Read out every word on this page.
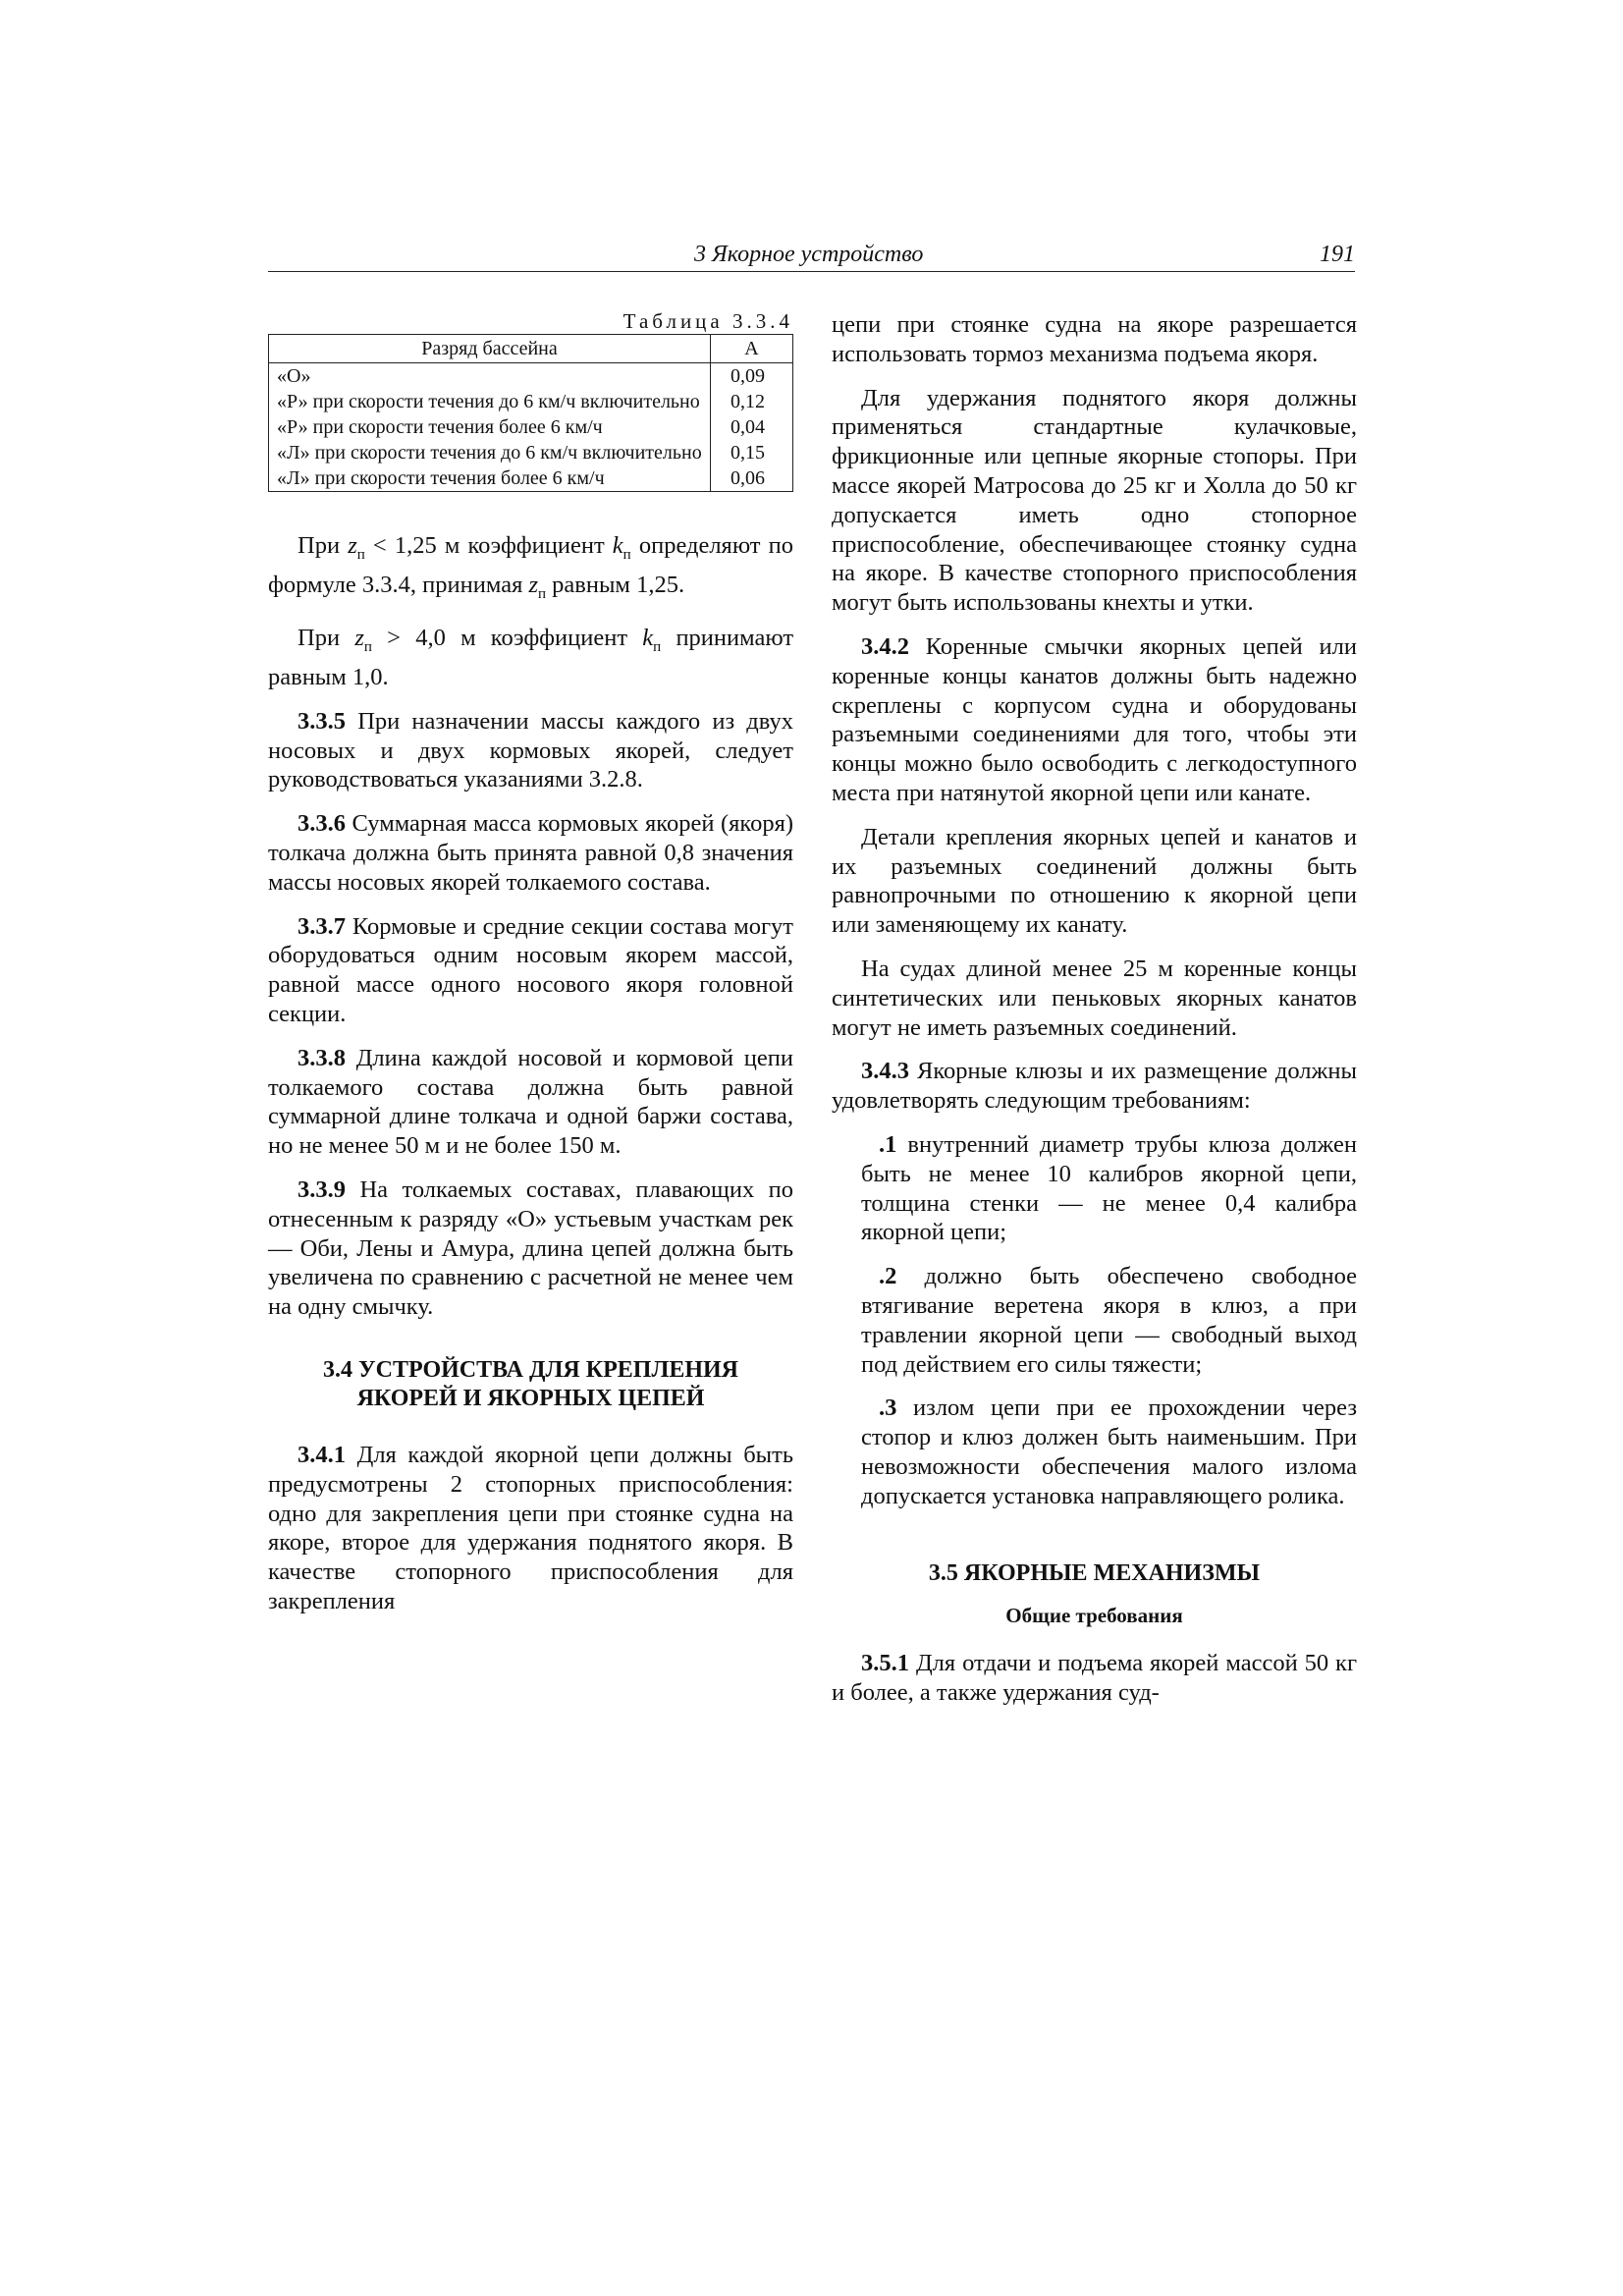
3 Якорное устройство	191
Таблица 3.3.4
Разряд бассейна	A
«О»	0,09
«Р» при скорости течения до 6 км/ч включительно	0,12
«Р» при скорости течения более 6 км/ч	0,04
«Л» при скорости течения до 6 км/ч включительно	0,15
«Л» при скорости течения более 6 км/ч	0,06

При $z_п < 1,25$ м коэффициент $k_п$ определяют по формуле 3.3.4, принимая $z_п$ равным 1,25.

При $z_п > 4,0$ м коэффициент $k_п$ принимают равным 1,0.

3.3.5 При назначении массы каждого из двух носовых и двух кормовых якорей, следует руководствоваться указаниями 3.2.8.

3.3.6 Суммарная масса кормовых якорей (якоря) толкача должна быть принята равной 0,8 значения массы носовых якорей толкаемого состава.

3.3.7 Кормовые и средние секции состава могут оборудоваться одним носовым якорем массой, равной массе одного носового якоря головной секции.

3.3.8 Длина каждой носовой и кормовой цепи толкаемого состава должна быть равной суммарной длине толкача и одной баржи состава, но не менее 50 м и не более 150 м.

3.3.9 На толкаемых составах, плавающих по отнесенным к разряду «О» устьевым участкам рек — Оби, Лены и Амура, длина цепей должна быть увеличена по сравнению с расчетной не менее чем на одну смычку.

3.4 УСТРОЙСТВА ДЛЯ КРЕПЛЕНИЯ
ЯКОРЕЙ И ЯКОРНЫХ ЦЕПЕЙ

3.4.1 Для каждой якорной цепи должны быть предусмотрены 2 стопорных приспособления: одно для закрепления цепи при стоянке судна на якоре, второе для удержания поднятого якоря. В качестве стопорного приспособления для закрепления

цепи при стоянке судна на якоре разрешается использовать тормоз механизма подъема якоря.

Для удержания поднятого якоря должны применяться стандартные кулачковые, фрикционные или цепные якорные стопоры. При массе якорей Матросова до 25 кг и Холла до 50 кг допускается иметь одно стопорное приспособление, обеспечивающее стоянку судна на якоре. В качестве стопорного приспособления могут быть использованы кнехты и утки.

3.4.2 Коренные смычки якорных цепей или коренные концы канатов должны быть надежно скреплены с корпусом судна и оборудованы разъемными соединениями для того, чтобы эти концы можно было освободить с легкодоступного места при натянутой якорной цепи или канате.

Детали крепления якорных цепей и канатов и их разъемных соединений должны быть равнопрочными по отношению к якорной цепи или заменяющему их канату.

На судах длиной менее 25 м коренные концы синтетических или пеньковых якорных канатов могут не иметь разъемных соединений.

3.4.3 Якорные клюзы и их размещение должны удовлетворять следующим требованиям:

.1 внутренний диаметр трубы клюза должен быть не менее 10 калибров якорной цепи, толщина стенки — не менее 0,4 калибра якорной цепи;

.2 должно быть обеспечено свободное втягивание веретена якоря в клюз, а при травлении якорной цепи — свободный выход под действием его силы тяжести;

.3 излом цепи при ее прохождении через стопор и клюз должен быть наименьшим. При невозможности обеспечения малого излома допускается установка направляющего ролика.

3.5 ЯКОРНЫЕ МЕХАНИЗМЫ
Общие требования

3.5.1 Для отдачи и подъема якорей массой 50 кг и более, а также удержания суд-
